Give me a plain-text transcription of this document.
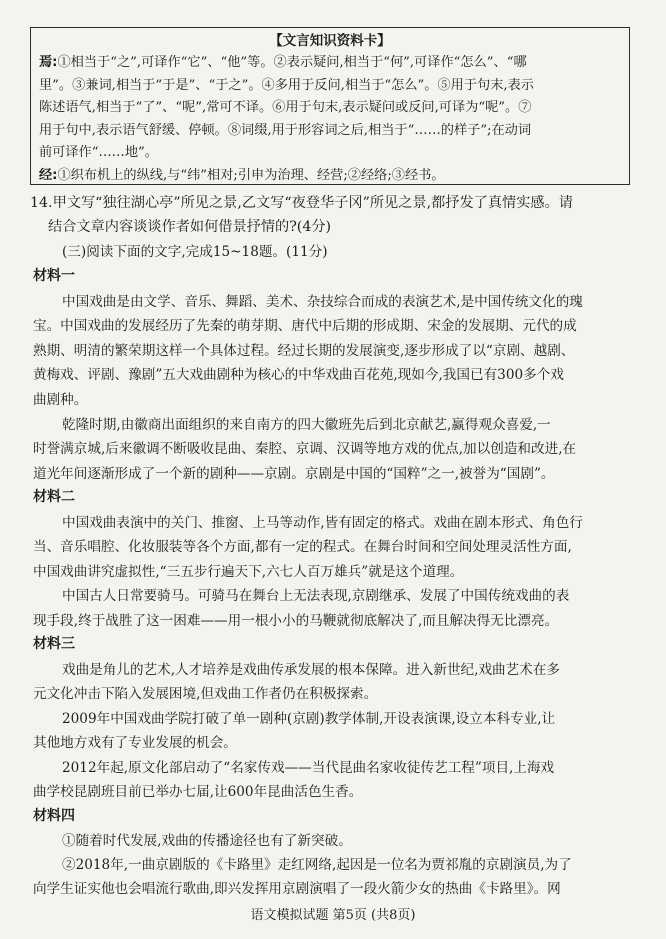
【文言知识资料卡】
焉:①相当于“之”,可译作“它”、“他”等。②表示疑问,相当于“何”,可译作“怎么”、“哪
里”。③兼词,相当于“于是”、“于之”。④多用于反问,相当于“怎么”。⑤用于句末,表示
陈述语气,相当于“了”、“呢”,常可不译。⑥用于句末,表示疑问或反问,可译为“呢”。⑦
用于句中,表示语气舒缓、停顿。⑧词缀,用于形容词之后,相当于“……的样子”;在动词
前可译作“……地”。
经:①织布机上的纵线,与“纬”相对;引申为治理、经营;②经络;③经书。
14.甲文写“独往湖心亭”所见之景,乙文写“夜登华子冈”所见之景,都抒发了真情实感。请
结合文章内容谈谈作者如何借景抒情的?(4分)
(三)阅读下面的文字,完成15~18题。(11分)
材料一
中国戏曲是由文学、音乐、舞蹈、美术、杂技综合而成的表演艺术,是中国传统文化的瑰
宝。中国戏曲的发展经历了先秦的萌芽期、唐代中后期的形成期、宋金的发展期、元代的成
熟期、明清的繁荣期这样一个具体过程。经过长期的发展演变,逐步形成了以“京剧、越剧、
黄梅戏、评剧、豫剧”五大戏曲剧种为核心的中华戏曲百花苑,现如今,我国已有300多个戏
曲剧种。
乾隆时期,由徽商出面组织的来自南方的四大徽班先后到北京献艺,赢得观众喜爱,一
时誉满京城,后来徽调不断吸收昆曲、秦腔、京调、汉调等地方戏的优点,加以创造和改进,在
道光年间逐渐形成了一个新的剧种——京剧。京剧是中国的“国粹”之一,被誉为“国剧”。
材料二
中国戏曲表演中的关门、推窗、上马等动作,皆有固定的格式。戏曲在剧本形式、角色行
当、音乐唱腔、化妆服装等各个方面,都有一定的程式。在舞台时间和空间处理灵活性方面,
中国戏曲讲究虚拟性,“三五步行遍天下,六七人百万雄兵”就是这个道理。
中国古人日常要骑马。可骑马在舞台上无法表现,京剧继承、发展了中国传统戏曲的表
现手段,终于战胜了这一困难——用一根小小的马鞭就彻底解决了,而且解决得无比漂亮。
材料三
戏曲是角儿的艺术,人才培养是戏曲传承发展的根本保障。进入新世纪,戏曲艺术在多
元文化冲击下陷入发展困境,但戏曲工作者仍在积极探索。
2009年中国戏曲学院打破了单一剧种(京剧)教学体制,开设表演课,设立本科专业,让
其他地方戏有了专业发展的机会。
2012年起,原文化部启动了“名家传戏——当代昆曲名家收徒传艺工程”项目,上海戏
曲学校昆剧班目前已举办七届,让600年昆曲活色生香。
材料四
①随着时代发展,戏曲的传播途径也有了新突破。
②2018年,一曲京剧版的《卡路里》走红网络,起因是一位名为贾祁胤的京剧演员,为了
向学生证实他也会唱流行歌曲,即兴发挥用京剧演唱了一段火箭少女的热曲《卡路里》。网
语文模拟试题 第5页 (共8页)
